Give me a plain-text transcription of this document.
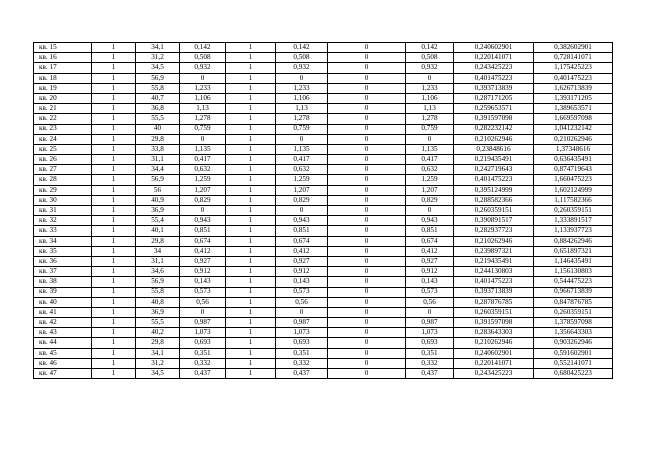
кв. 15	1	34,1	0,142	1	0,142	0	0,142	0,240602901	0,382602901
кв. 16	1	31,2	0,508	1	0,508	0	0,508	0,220141071	0,728141071
кв. 17	1	34,5	0,932	1	0,932	0	0,932	0,243425223	1,175425223
кв. 18	1	56,9	0	1	0	0	0	0,401475223	0,401475223
кв. 19	1	55,8	1,233	1	1,233	0	1,233	0,393713839	1,626713839
кв. 20	1	40,7	1,106	1	1,106	0	1,106	0,287171205	1,393171205
кв. 21	1	36,8	1,13	1	1,13	0	1,13	0,259653571	1,389653571
кв. 22	1	55,5	1,278	1	1,278	0	1,278	0,391597098	1,669597098
кв. 23	1	40	0,759	1	0,759	0	0,759	0,282232142	1,041232142
кв. 24	1	29,8	0	1	0	0	0	0,210262946	0,210262946
кв. 25	1	33,8	1,135	1	1,135	0	1,135	0,23848616	1,37348616
кв. 26	1	31,1	0,417	1	0,417	0	0,417	0,219435491	0,636435491
кв. 27	1	34,4	0,632	1	0,632	0	0,632	0,242719643	0,874719643
кв. 28	1	56,9	1,259	1	1,259	0	1,259	0,401475223	1,660475223
кв. 29	1	56	1,207	1	1,207	0	1,207	0,395124999	1,602124999
кв. 30	1	40,9	0,829	1	0,829	0	0,829	0,288582366	1,117582366
кв. 31	1	36,9	0	1	0	0	0	0,260359151	0,260359151
кв. 32	1	55,4	0,943	1	0,943	0	0,943	0,390891517	1,333891517
кв. 33	1	40,1	0,851	1	0,851	0	0,851	0,282937723	1,133937723
кв. 34	1	29,8	0,674	1	0,674	0	0,674	0,210262946	0,884262946
кв. 35	1	34	0,412	1	0,412	0	0,412	0,239897321	0,651897321
кв. 36	1	31,1	0,927	1	0,927	0	0,927	0,219435491	1,146435491
кв. 37	1	34,6	0,912	1	0,912	0	0,912	0,244130803	1,156130803
кв. 38	1	56,9	0,143	1	0,143	0	0,143	0,401475223	0,544475223
кв. 39	1	55,8	0,573	1	0,573	0	0,573	0,393713839	0,966713839
кв. 40	1	40,8	0,56	1	0,56	0	0,56	0,287876785	0,847876785
кв. 41	1	36,9	0	1	0	0	0	0,260359151	0,260359151
кв. 42	1	55,5	0,987	1	0,987	0	0,987	0,391597098	1,378597098
кв. 43	1	40,2	1,073	1	1,073	0	1,073	0,283643303	1,356643303
кв. 44	1	29,8	0,693	1	0,693	0	0,693	0,210262946	0,903262946
кв. 45	1	34,1	0,351	1	0,351	0	0,351	0,240602901	0,591602901
кв. 46	1	31,2	0,332	1	0,332	0	0,332	0,220141071	0,552141071
кв. 47	1	34,5	0,437	1	0,437	0	0,437	0,243425223	0,680425223
